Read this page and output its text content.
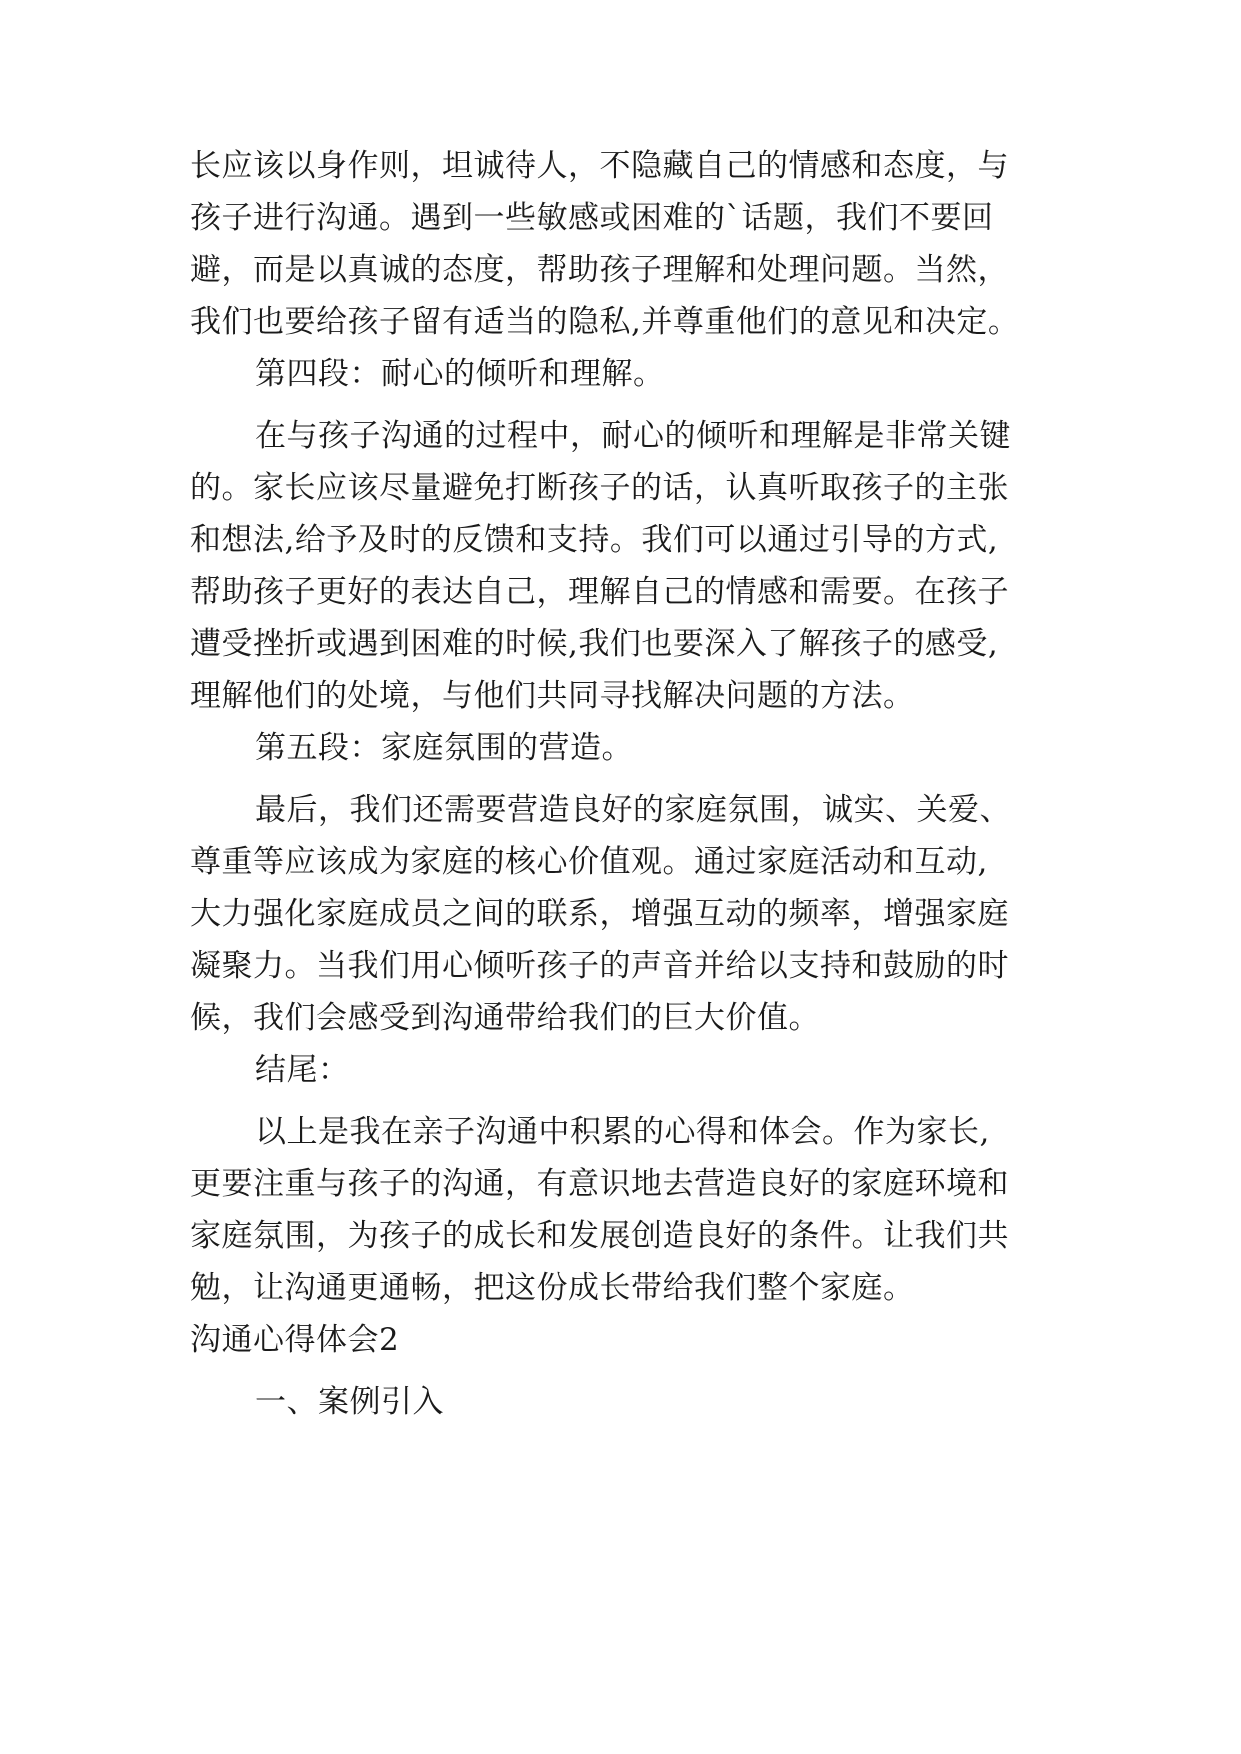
长应该以身作则，坦诚待人，不隐藏自己的情感和态度，与
孩子进行沟通。遇到一些敏感或困难的`话题，我们不要回
避，而是以真诚的态度，帮助孩子理解和处理问题。当然，
我们也要给孩子留有适当的隐私,并尊重他们的意见和决定。
第四段：耐心的倾听和理解。
在与孩子沟通的过程中，耐心的倾听和理解是非常关键
的。家长应该尽量避免打断孩子的话，认真听取孩子的主张
和想法,给予及时的反馈和支持。我们可以通过引导的方式,
帮助孩子更好的表达自己，理解自己的情感和需要。在孩子
遭受挫折或遇到困难的时候,我们也要深入了解孩子的感受,
理解他们的处境，与他们共同寻找解决问题的方法。
第五段：家庭氛围的营造。
最后，我们还需要营造良好的家庭氛围，诚实、关爱、
尊重等应该成为家庭的核心价值观。通过家庭活动和互动,
大力强化家庭成员之间的联系，增强互动的频率，增强家庭
凝聚力。当我们用心倾听孩子的声音并给以支持和鼓励的时
候，我们会感受到沟通带给我们的巨大价值。
结尾：
以上是我在亲子沟通中积累的心得和体会。作为家长,
更要注重与孩子的沟通，有意识地去营造良好的家庭环境和
家庭氛围，为孩子的成长和发展创造良好的条件。让我们共
勉，让沟通更通畅，把这份成长带给我们整个家庭。
沟通心得体会2
一、案例引入
